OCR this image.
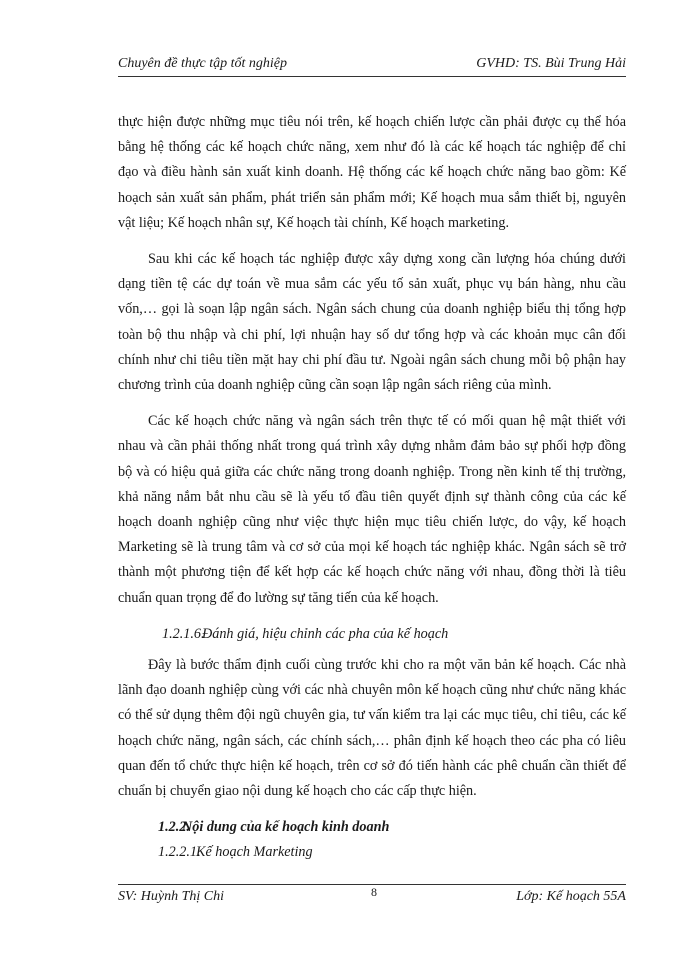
Chuyên đề thực tập tốt nghiệp	GVHD: TS. Bùi Trung Hải

thực hiện được những mục tiêu nói trên, kế hoạch chiến lược cần phải được cụ thể hóa bằng hệ thống các kế hoạch chức năng, xem như đó là các kế hoạch tác nghiệp để chỉ đạo và điều hành sản xuất kinh doanh. Hệ thống các kế hoạch chức năng bao gồm: Kế hoạch sản xuất sản phẩm, phát triển sản phẩm mới; Kế hoạch mua sắm thiết bị, nguyên vật liệu; Kế hoạch nhân sự, Kế hoạch tài chính, Kế hoạch marketing.

Sau khi các kế hoạch tác nghiệp được xây dựng xong cần lượng hóa chúng dưới dạng tiền tệ các dự toán về mua sắm các yếu tố sản xuất, phục vụ bán hàng, nhu cầu vốn,… gọi là soạn lập ngân sách. Ngân sách chung của doanh nghiệp biểu thị tổng hợp toàn bộ thu nhập và chi phí, lợi nhuận hay số dư tổng hợp và các khoản mục cân đối chính như chi tiêu tiền mặt hay chi phí đầu tư. Ngoài ngân sách chung mỗi bộ phận hay chương trình của doanh nghiệp cũng cần soạn lập ngân sách riêng của mình.

Các kế hoạch chức năng và ngân sách trên thực tế có mối quan hệ mật thiết với nhau và cần phải thống nhất trong quá trình xây dựng nhằm đảm bảo sự phối hợp đồng bộ và có hiệu quả giữa các chức năng trong doanh nghiệp. Trong nền kinh tế thị trường, khả năng nắm bắt nhu cầu sẽ là yếu tố đầu tiên quyết định sự thành công của các kế hoạch doanh nghiệp cũng như việc thực hiện mục tiêu chiến lược, do vậy, kế hoạch Marketing sẽ là trung tâm và cơ sở của mọi kế hoạch tác nghiệp khác. Ngân sách sẽ trở thành một phương tiện để kết hợp các kế hoạch chức năng với nhau, đồng thời là tiêu chuẩn quan trọng để đo lường sự tăng tiến của kế hoạch.

1.2.1.6.Đánh giá, hiệu chỉnh các pha của kế hoạch

Đây là bước thẩm định cuối cùng trước khi cho ra một văn bản kế hoạch. Các nhà lãnh đạo doanh nghiệp cùng với các nhà chuyên môn kế hoạch cũng như chức năng khác có thể sử dụng thêm đội ngũ chuyên gia, tư vấn kiểm tra lại các mục tiêu, chỉ tiêu, các kế hoạch chức năng, ngân sách, các chính sách,… phân định kế hoạch theo các pha có liêu quan đến tổ chức thực hiện kế hoạch, trên cơ sở đó tiến hành các phê chuẩn cần thiết để chuẩn bị chuyển giao nội dung kế hoạch cho các cấp thực hiện.

1.2.2.Nội dung của kế hoạch kinh doanh
1.2.2.1.Kế hoạch Marketing
SV: Huỳnh Thị Chi	8	Lớp: Kế hoạch 55A
